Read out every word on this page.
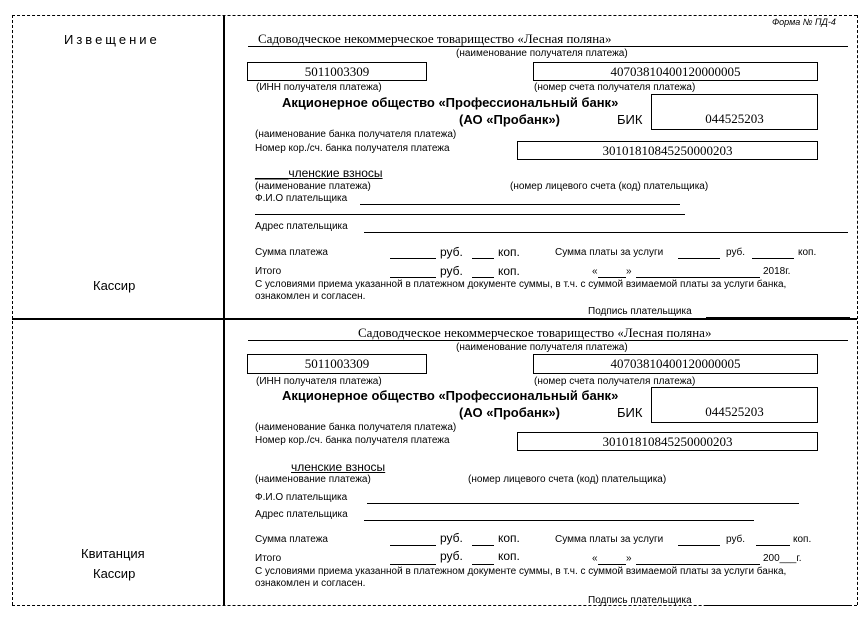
Форма № ПД-4
Извещение
Кассир
Садоводческое некоммерческое товарищество «Лесная поляна»
(наименование получателя платежа)
5011003309	40703810400120000005
(ИНН получателя платежа)	(номер счета получателя платежа)
Акционерное общество «Профессиональный банк»
(АО «Пробанк»)	БИК	044525203
(наименование банка получателя платежа)
Номер кор./сч. банка получателя платежа	30101810845250000203
_____членские взносы
(наименование платежа)	(номер лицевого счета (код) плательщика)
Ф.И.О плательщика
Адрес плательщика
Сумма платежа	руб.	коп.	Сумма платы за услуги	руб.	коп.
Итого	руб.	коп.	«	»	2018г.
С условиями приема указанной в платежном документе суммы, в т.ч. с суммой взимаемой платы за услуги банка,
ознакомлен и согласен.
Подпись плательщика
Квитанция
Кассир
Садоводческое некоммерческое товарищество «Лесная поляна»
(наименование получателя платежа)
5011003309	40703810400120000005
(ИНН получателя платежа)	(номер счета получателя платежа)
Акционерное общество «Профессиональный банк»
(АО «Пробанк»)	БИК	044525203
(наименование банка получателя платежа)
Номер кор./сч. банка получателя платежа	30101810845250000203
членские взносы
(наименование платежа)	(номер лицевого счета (код) плательщика)
Ф.И.О плательщика
Адрес плательщика
Сумма платежа	руб.	коп.	Сумма платы за услуги	руб.	коп.
Итого	руб.	коп.	«	»	200___г.
С условиями приема указанной в платежном документе суммы, в т.ч. с суммой взимаемой платы за услуги банка,
ознакомлен и согласен.
Подпись плательщика
